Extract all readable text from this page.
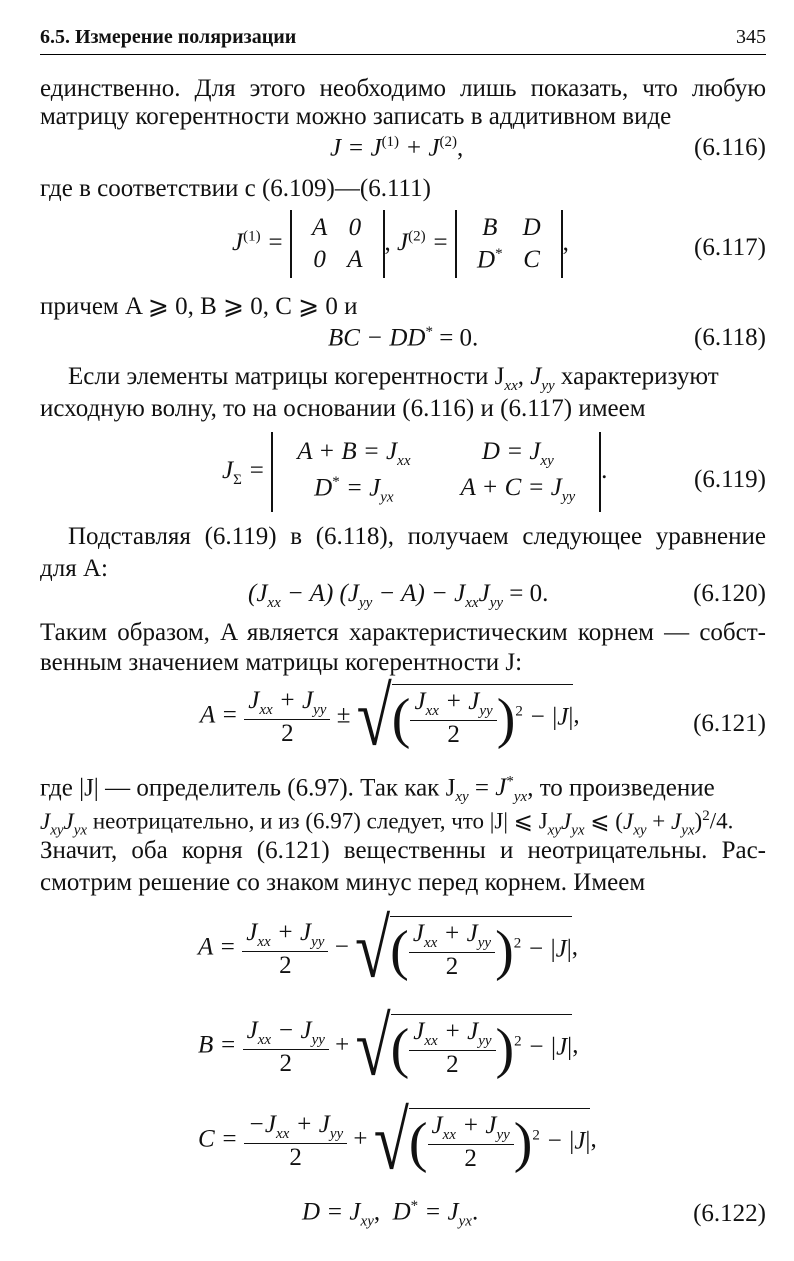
6.5. Измерение поляризации	345
единственно. Для этого необходимо лишь показать, что любую
матрицу когерентности можно записать в аддитивном виде
$J = J^{(1)} + J^{(2)}$,	(6.116)
где в соответствии с (6.109)—(6.111)
$J^{(1)}$ =
A	0
0	A
, $J^{(2)}$ =
B	D
D*	C
,	(6.117)
причем A ⩾ 0, B ⩾ 0, C ⩾ 0 и
BC − DD* = 0.	(6.118)
Если элементы матрицы когерентности $J_{xx}$, $J_{yy}$ характеризуют
исходную волну, то на основании (6.116) и (6.117) имеем
$J_\Sigma$ =
$A + B = J_{xx}$	$D = J_{xy}$
$D^* = J_{yx}$	$A + C = J_{yy}$
.	(6.119)
Подставляя (6.119) в (6.118), получаем следующее уравнение
для A:
$(J_{xx} - A) (J_{yy} - A) - J_{xx}J_{yy} = 0$.	(6.120)
Таким образом, A является характеристическим корнем — собст-
венным значением матрицы когерентности J:
$A = \frac{J_{xx} + J_{yy}}{2}$ ± √( $\frac{J_{xx} + J_{yy}}{2} )^2 - |J|$,	(6.121)
где |J| — определитель (6.97). Так как $J_{xy} = J^*_{yx}$, то произведение
$J_{xy}J_{yx}$ неотрицательно, и из (6.97) следует, что |J| ⩽ $J_{xy}J_{yx}$ ⩽ $(J_{xy} + J_{yx})^2/4$.
Значит, оба корня (6.121) вещественны и неотрицательны. Рас-
смотрим решение со знаком минус перед корнем. Имеем
$A = \frac{J_{xx} + J_{yy}}{2}$ − √( $\frac{J_{xx} + J_{yy}}{2} )^2 - |J|$,
$B = \frac{J_{xx} - J_{yy}}{2}$ + √( $\frac{J_{xx} + J_{yy}}{2} )^2 - |J|$,
$C = \frac{-J_{xx} + J_{yy}}{2}$ + √( $\frac{J_{xx} + J_{yy}}{2} )^2 - |J|$,
$D = J_{xy}$,  $D^* = J_{yx}$.	(6.122)
